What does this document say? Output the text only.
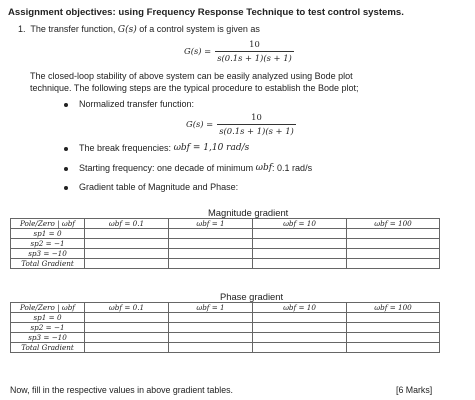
Assignment objectives: using Frequency Response Technique to test control systems.
1. The transfer function, G(s) of a control system is given as
$G(s) = \frac{10}{s(0.1s + 1)(s + 1)}$
The closed-loop stability of above system can be easily analyzed using Bode plot
technique. The following steps are the typical procedure to establish the Bode plot;
Normalized transfer function:
$G(s) = \frac{10}{s(0.1s + 1)(s + 1)}$
The break frequencies:
ωbf = 1,10 rad/s
Starting frequency: one decade of minimum
ωbf : 0.1 rad/s
Gradient table of Magnitude and Phase:
Magnitude gradient
Pole/Zero | ωbf	ωbf = 0.1	ωbf = 1	ωbf = 10	ωbf = 100
sp1 = 0				
sp2 = −1				
sp3 = −10				
Total Gradient				
Phase gradient
Pole/Zero | ωbf	ωbf = 0.1	ωbf = 1	ωbf = 10	ωbf = 100
sp1 = 0				
sp2 = −1				
sp3 = −10				
Total Gradient				
Now, fill in the respective values in above gradient tables.	[6 Marks]
